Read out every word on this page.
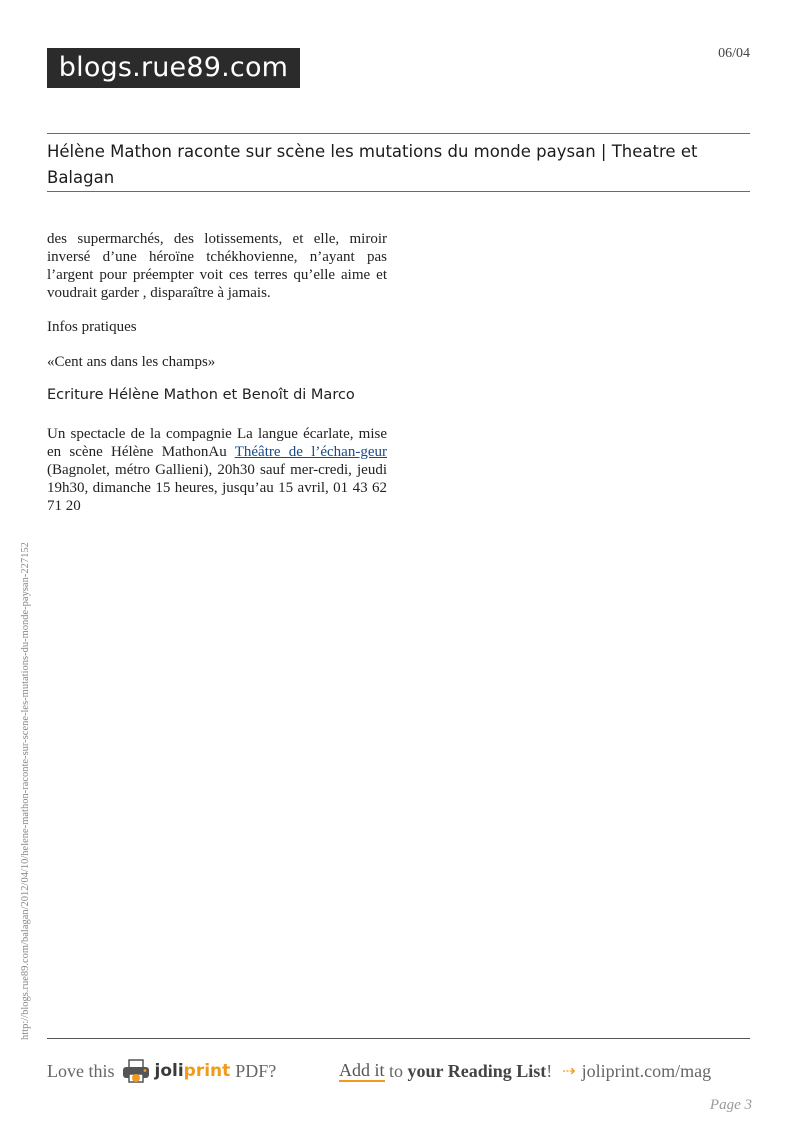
blogs.rue89.com	06/04
Hélène Mathon raconte sur scène les mutations du monde paysan | Theatre et Balagan

des supermarchés, des lotissements, et elle, miroir inversé d’une héroïne tchékhovienne, n’ayant pas l’argent pour préempter voit ces terres qu’elle aime et voudrait garder , disparaître à jamais.

Infos pratiques

«Cent ans dans les champs»

Ecriture Hélène Mathon et Benoît di Marco

Un spectacle de la compagnie La langue écarlate, mise en scène Hélène MathonAu Théâtre de l’échan-geur (Bagnolet, métro Gallieni), 20h30 sauf mer-credi, jeudi 19h30, dimanche 15 heures, jusqu’au 15 avril, 01 43 62 71 20

http://blogs.rue89.com/balagan/2012/04/10/helene-mathon-raconte-sur-scene-les-mutations-du-monde-paysan-227152
Love this joliprint PDF?	Add it to your Reading List ! ⇢ joliprint.com/mag
Page 3
